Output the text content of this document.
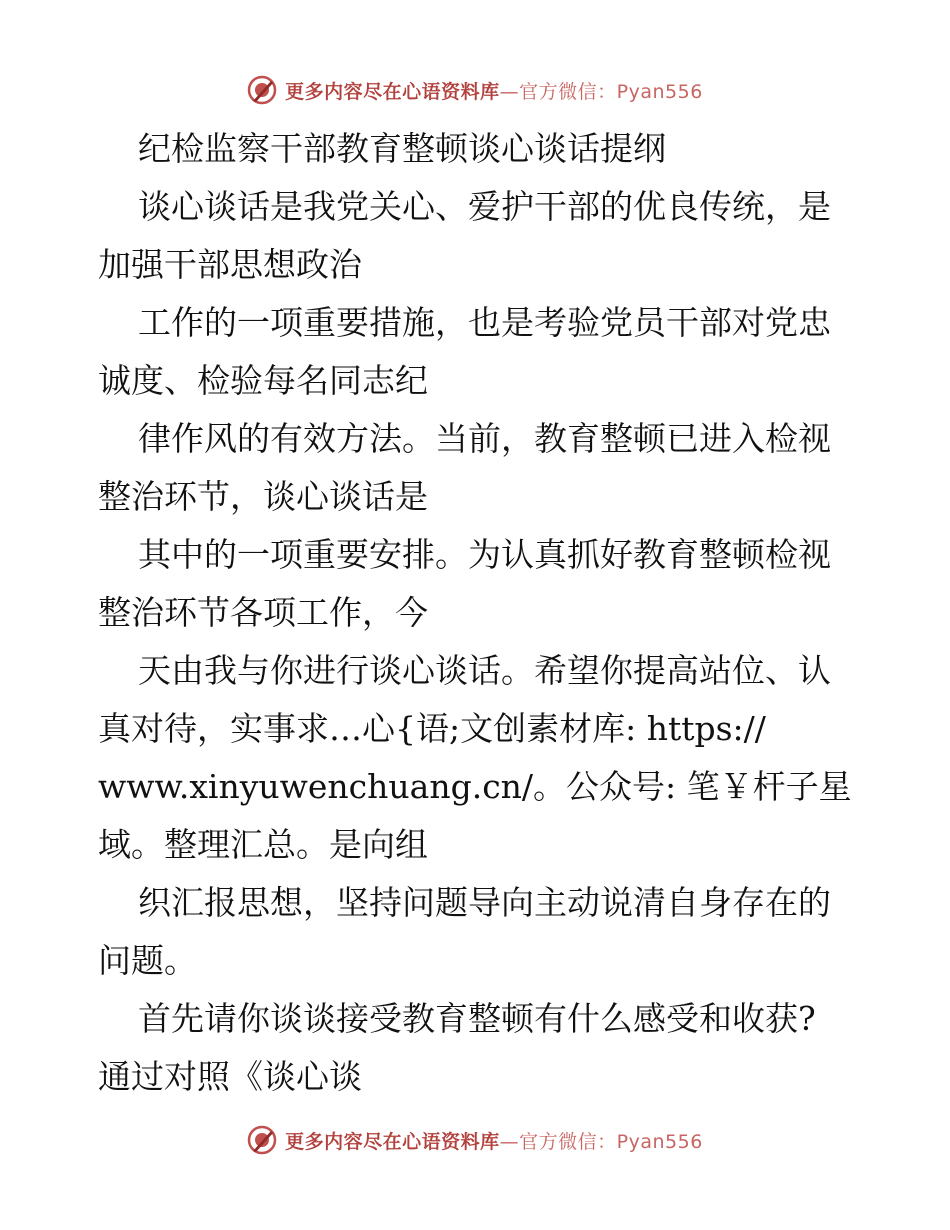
更多内容尽在心语资料库—官方微信：Pyan556
纪检监察干部教育整顿谈心谈话提纲
谈心谈话是我党关心、爱护干部的优良传统，是
加强干部思想政治
工作的一项重要措施，也是考验党员干部对党忠
诚度、检验每名同志纪
律作风的有效方法。当前，教育整顿已进入检视
整治环节，谈心谈话是
其中的一项重要安排。为认真抓好教育整顿检视
整治环节各项工作，今
天由我与你进行谈心谈话。希望你提高站位、认
真对待，实事求…心{语;文创素材库: https://
www.xinyuwenchuang.cn/。公众号: 笔￥杆子星
域。整理汇总。是向组
织汇报思想，坚持问题导向主动说清自身存在的
问题。
首先请你谈谈接受教育整顿有什么感受和收获?
通过对照《谈心谈
更多内容尽在心语资料库—官方微信：Pyan556
